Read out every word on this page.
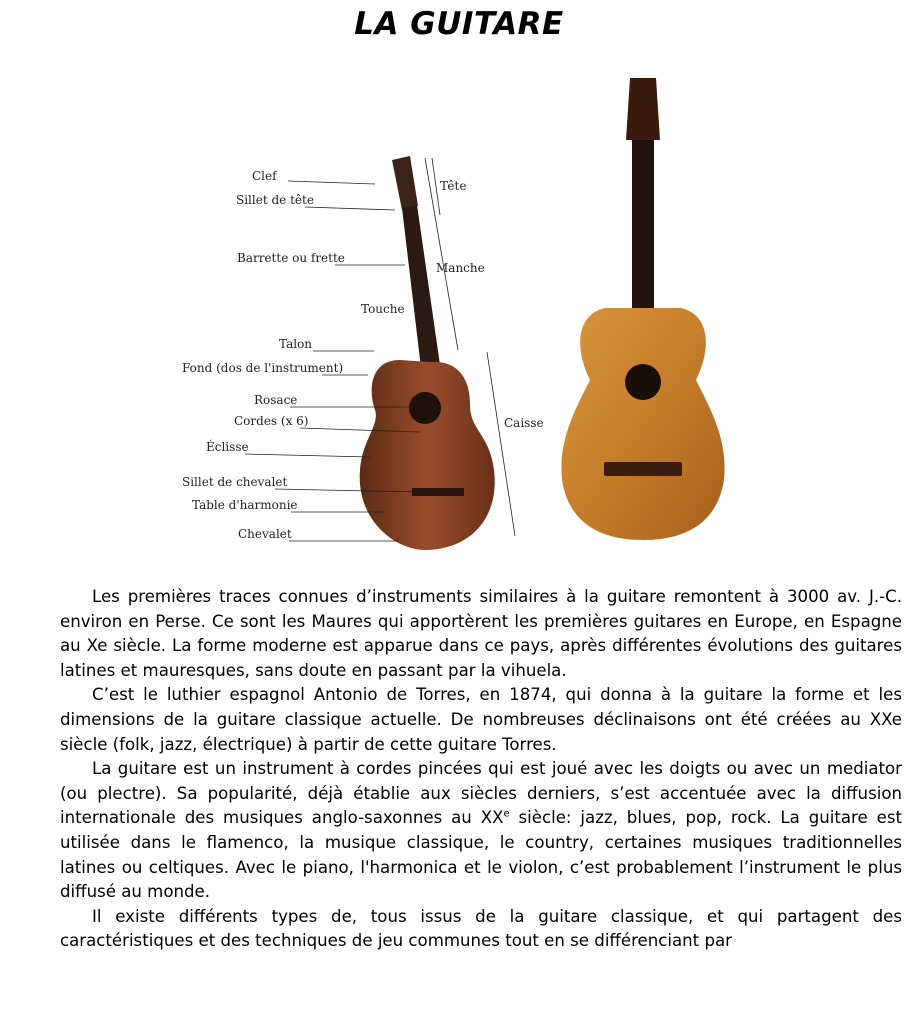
LA GUITARE
Clef
Sillet de tête
Barrette ou frette
Touche
Talon
Fond (dos de l'instrument)
Rosace
Cordes (x 6)
Éclisse
Sillet de chevalet
Table d'harmonie
Chevalet
Tête
Manche
Caisse

Les premières traces connues d’instruments similaires à la guitare remontent à 3000 av. J.-C. environ en Perse. Ce sont les Maures qui apportèrent les premières guitares en Europe, en Espagne au Xe siècle. La forme moderne est apparue dans ce pays, après différentes évolutions des guitares latines et mauresques, sans doute en passant par la vihuela.

C’est le luthier espagnol Antonio de Torres, en 1874, qui donna à la guitare la forme et les dimensions de la guitare classique actuelle. De nombreuses déclinaisons ont été créées au XXe siècle (folk, jazz, électrique) à partir de cette guitare Torres.

La guitare est un instrument à cordes pincées qui est joué avec les doigts ou avec un mediator (ou plectre). Sa popularité, déjà établie aux siècles derniers, s’est accentuée avec la diffusion internationale des musiques anglo-saxonnes au XXe siècle: jazz, blues, pop, rock. La guitare est utilisée dans le flamenco, la musique classique, le country, certaines musiques traditionnelles latines ou celtiques. Avec le piano, l'harmonica et le violon, c’est probablement l’instrument le plus diffusé au monde.

Il existe différents types de, tous issus de la guitare classique, et qui partagent des caractéristiques et des techniques de jeu communes tout en se différenciant par
